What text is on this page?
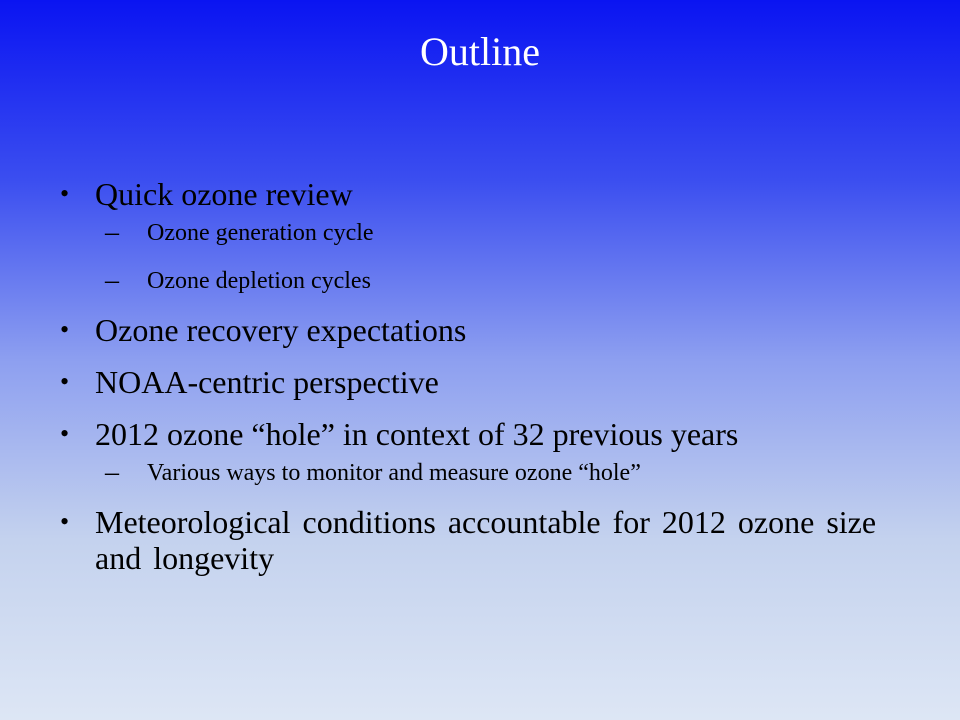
Outline
• Quick ozone review
– Ozone generation cycle
– Ozone depletion cycles
• Ozone recovery expectations
• NOAA-centric perspective
• 2012 ozone “hole” in context of 32 previous years
– Various ways to monitor and measure ozone “hole”
• Meteorological conditions accountable for 2012 ozone size and longevity
